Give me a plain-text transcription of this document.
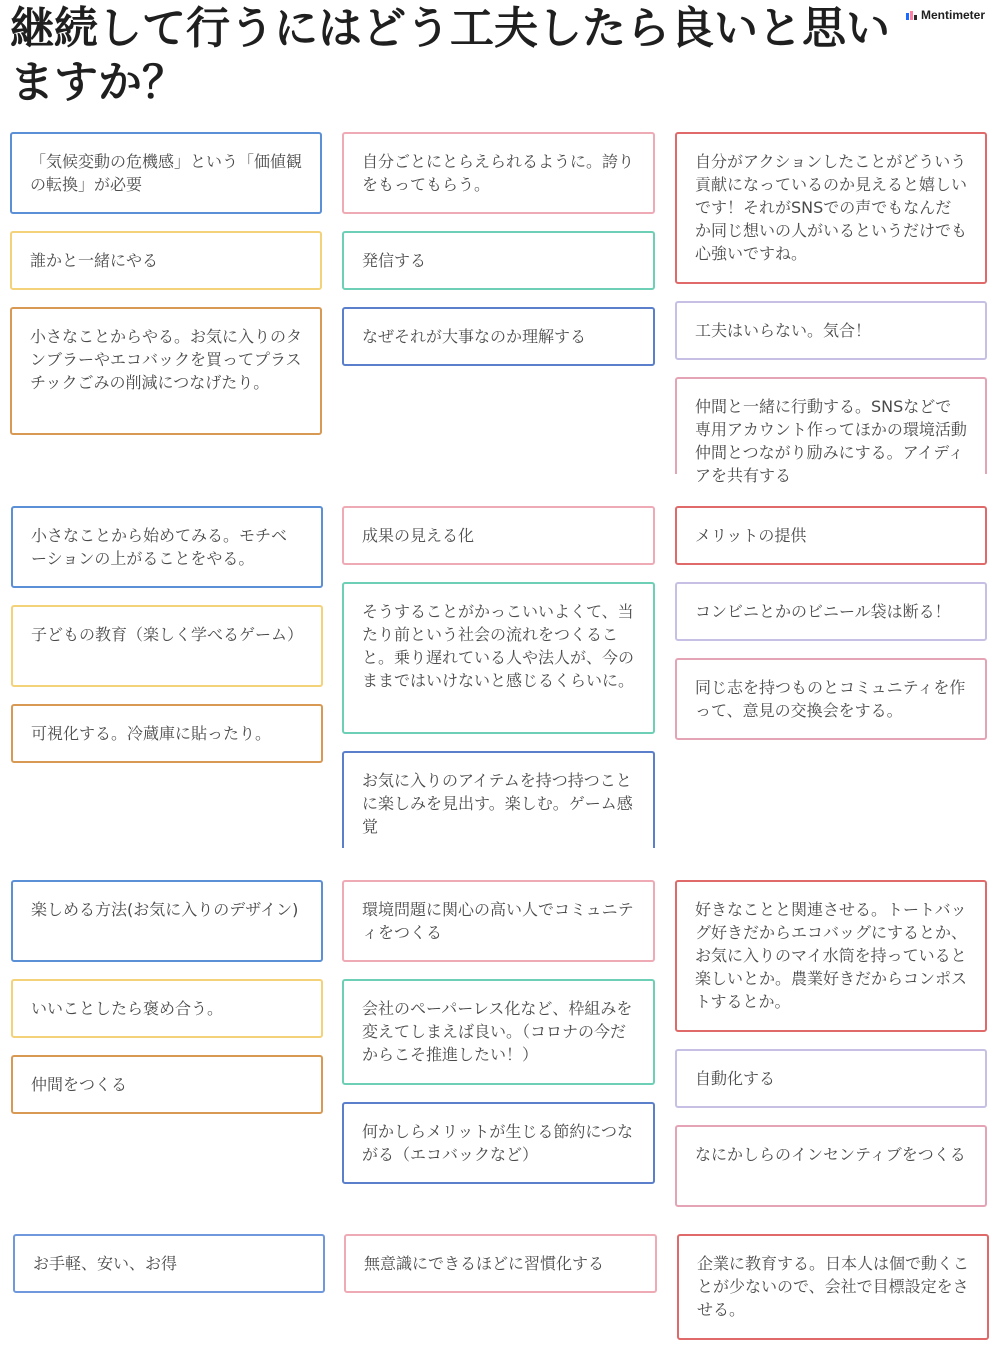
継続して行うにはどう工夫したら良いと思いますか？
Mentimeter
「気候変動の危機感」という「価値観の転換」が必要
誰かと一緒にやる
小さなことからやる。お気に入りのタンブラーやエコバックを買ってプラスチックごみの削減につなげたり。
自分ごとにとらえられるように。誇りをもってもらう。
発信する
なぜそれが大事なのか理解する
自分がアクションしたことがどういう貢献になっているのか見えると嬉しいです！それがSNSでの声でもなんだか同じ想いの人がいるというだけでも心強いですね。
工夫はいらない。気合！
仲間と一緒に行動する。SNSなどで専用アカウント作ってほかの環境活動仲間とつながり励みにする。アイディアを共有する
小さなことから始めてみる。モチベーションの上がることをやる。
子どもの教育（楽しく学べるゲーム）
可視化する。冷蔵庫に貼ったり。
成果の見える化
そうすることがかっこいいよくて、当たり前という社会の流れをつくること。乗り遅れている人や法人が、今のままではいけないと感じるくらいに。
お気に入りのアイテムを持つ持つことに楽しみを見出す。楽しむ。ゲーム感覚
メリットの提供
コンビニとかのビニール袋は断る！
同じ志を持つものとコミュニティを作って、意見の交換会をする。
楽しめる方法(お気に入りのデザイン)
いいことしたら褒め合う。
仲間をつくる
環境問題に関心の高い人でコミュニティをつくる
会社のペーパーレス化など、枠組みを変えてしまえば良い。（コロナの今だからこそ推進したい！）
何かしらメリットが生じる節約につながる（エコバックなど）
好きなことと関連させる。トートバッグ好きだからエコバッグにするとか、お気に入りのマイ水筒を持っていると楽しいとか。農業好きだからコンポストするとか。
自動化する
なにかしらのインセンティブをつくる
お手軽、安い、お得	無意識にできるほどに習慣化する	企業に教育する。日本人は個で動くことが少ないので、会社で目標設定をさせる。
